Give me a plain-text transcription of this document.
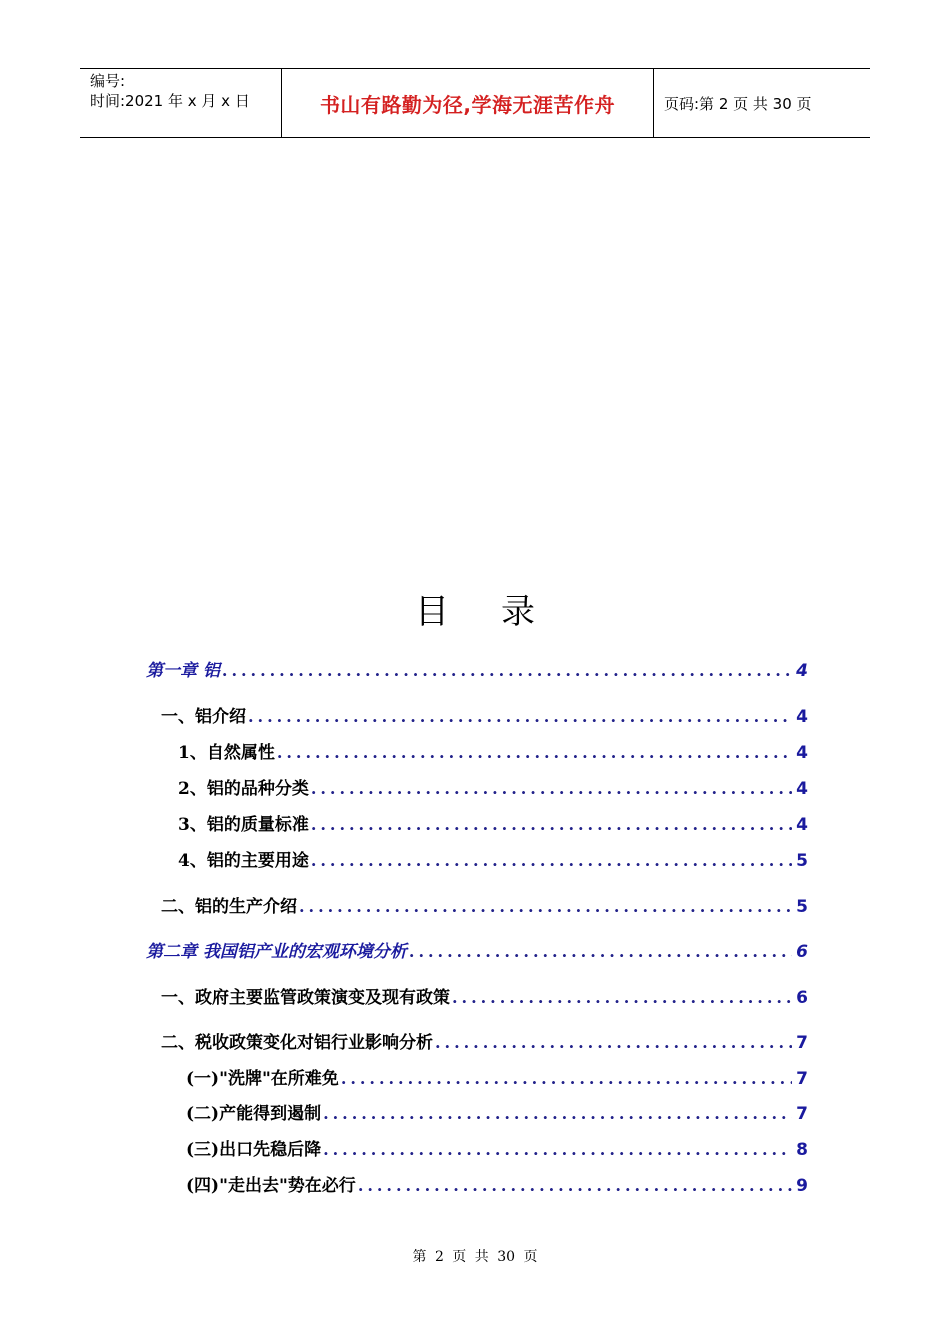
编号:
时间:2021 年 x 月 x 日	书山有路勤为径,学海无涯苦作舟	页码:第 2 页 共 30 页
目录
第一章 铝 . . .	4
一、铝介绍 . . .	4
1、自然属性 . . .	4
2、铝的品种分类 . . .	4
3、铝的质量标准 . . .	4
4、铝的主要用途 . . .	5
二、铝的生产介绍 . . .	5
第二章 我国铝产业的宏观环境分析 . . .	6
一、政府主要监管政策演变及现有政策 . . .	6
二、税收政策变化对铝行业影响分析 . . .	7
(一)"洗牌"在所难免 . . .	7
(二)产能得到遏制 . . .	7
(三)出口先稳后降 . . .	8
(四)"走出去"势在必行 . . .	9
第 2 页 共 30 页
